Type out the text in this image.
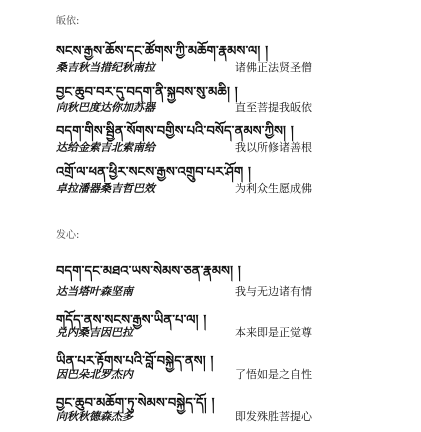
皈依:
སངས་རྒྱས་ཆོས་དང་ཚོགས་ཀྱི་མཆོག་རྣམས་ལ། །
桑吉秋当措纪秋南拉	诸佛正法贤圣僧
བྱང་ཆུབ་བར་དུ་བདག་ནི་སྐྱབས་སུ་མཆི། །
向秋巴度达你加苏器	直至菩提我皈依
བདག་གིས་སྦྱིན་སོགས་བགྱིས་པའི་བསོད་ནམས་ཀྱིས། །
达给金索吉北索南给	我以所修诸善根
འགྲོ་ལ་ཕན་ཕྱིར་སངས་རྒྱས་འགྲུབ་པར་ཤོག །
卓拉潘器桑吉哲巴效	为利众生愿成佛
发心:
བདག་དང་མཐའ་ཡས་སེམས་ཅན་རྣམས། །
达当塔叶森坚南	我与无边诸有情
གདོད་ནས་སངས་རྒྱས་ཡིན་པ་ལ། །
兑内桑吉因巴拉	本来即是正觉尊
ཡིན་པར་རྟོགས་པའི་བློ་བསྐྱེད་ནས། །
因巴朵北罗杰内	了悟如是之自性
བྱང་ཆུབ་མཆོག་ཏུ་སེམས་བསྐྱེད་དོ། །
向秋秋德森杰多	即发殊胜菩提心
